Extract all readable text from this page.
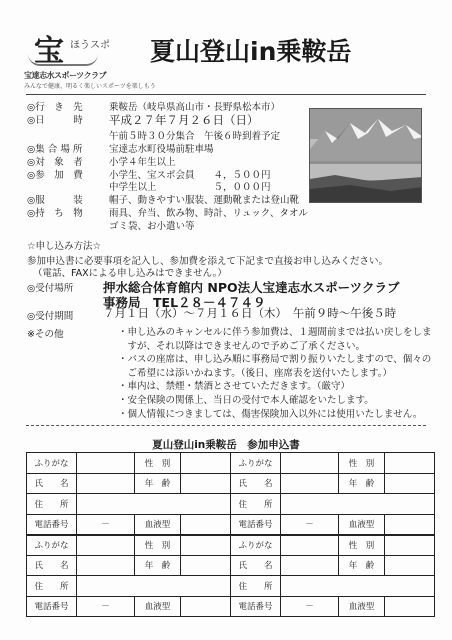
宝 ほうスポ
宝達志水スポーツクラブ
みんなで健康、明るく楽しいスポーツを楽しもう
夏山登山in乗鞍岳
◎行　き　先	乗鞍岳（岐阜県高山市・長野県松本市）
◎日　　　時	平成２７年７月２６日（日）
午前５時３０分集合　午後６時到着予定
◎集 合 場 所	宝達志水町役場前駐車場
◎対　象　者	小学４年生以上
◎参　加　費	小学生、宝スポ会員　　４，５００円
中学生以上　　　　　　５，０００円
◎服　　　装	帽子、動きやすい服装、運動靴または登山靴
◎持　ち　物	雨具、弁当、飲み物、時計、リュック、タオル
ゴミ袋、お小遣い等
☆申し込み方法☆
参加申込書に必要事項を記入し、参加費を添えて下記まで直接お申し込みください。
（電話、FAXによる申し込みはできません。）
◎受付場所 押水総合体育館内 NPO法人宝達志水スポーツクラブ
事務局　TEL２８－４７４９
◎受付期間	７月１日（水）～７月１６日（木）　午前９時～午後５時
※その他	・申し込みのキャンセルに伴う参加費は、１週間前までは払い戻しをしま
　すが、それ以降はできませんので予めご了承ください。
・バスの座席は、申し込み順に事務局で割り振りいたしますので、個々の
　ご希望には添いかねます。（後日、座席表を送付いたします。）
・車内は、禁煙・禁酒とさせていただきます。（厳守）
・安全保険の関係上、当日の受付で本人確認をいたします。
・個人情報につきましては、傷害保険加入以外には使用いたしません。
夏山登山in乗鞍岳　参加申込書
ふりがな		性　別		ふりがな		性　別	
氏　　名		年　齢		氏　　名		年　齢	
住　　所				住　　所			
電話番号	－	血液型		電話番号	－	血液型	
ふりがな		性　別		ふりがな		性　別	
氏　　名		年　齢		氏　　名		年　齢	
住　　所				住　　所			
電話番号	－	血液型		電話番号	－	血液型	
